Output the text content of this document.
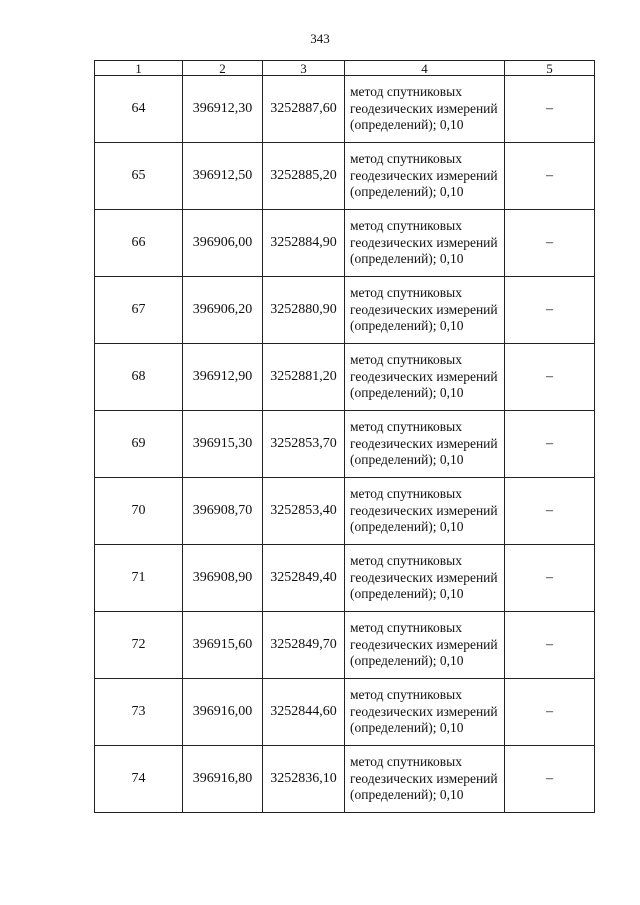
343
1	2	3	4	5
64	396912,30	3252887,60	метод спутниковых геодезических измерений (определений); 0,10	–
65	396912,50	3252885,20	метод спутниковых геодезических измерений (определений); 0,10	–
66	396906,00	3252884,90	метод спутниковых геодезических измерений (определений); 0,10	–
67	396906,20	3252880,90	метод спутниковых геодезических измерений (определений); 0,10	–
68	396912,90	3252881,20	метод спутниковых геодезических измерений (определений); 0,10	–
69	396915,30	3252853,70	метод спутниковых геодезических измерений (определений); 0,10	–
70	396908,70	3252853,40	метод спутниковых геодезических измерений (определений); 0,10	–
71	396908,90	3252849,40	метод спутниковых геодезических измерений (определений); 0,10	–
72	396915,60	3252849,70	метод спутниковых геодезических измерений (определений); 0,10	–
73	396916,00	3252844,60	метод спутниковых геодезических измерений (определений); 0,10	–
74	396916,80	3252836,10	метод спутниковых геодезических измерений (определений); 0,10	–
